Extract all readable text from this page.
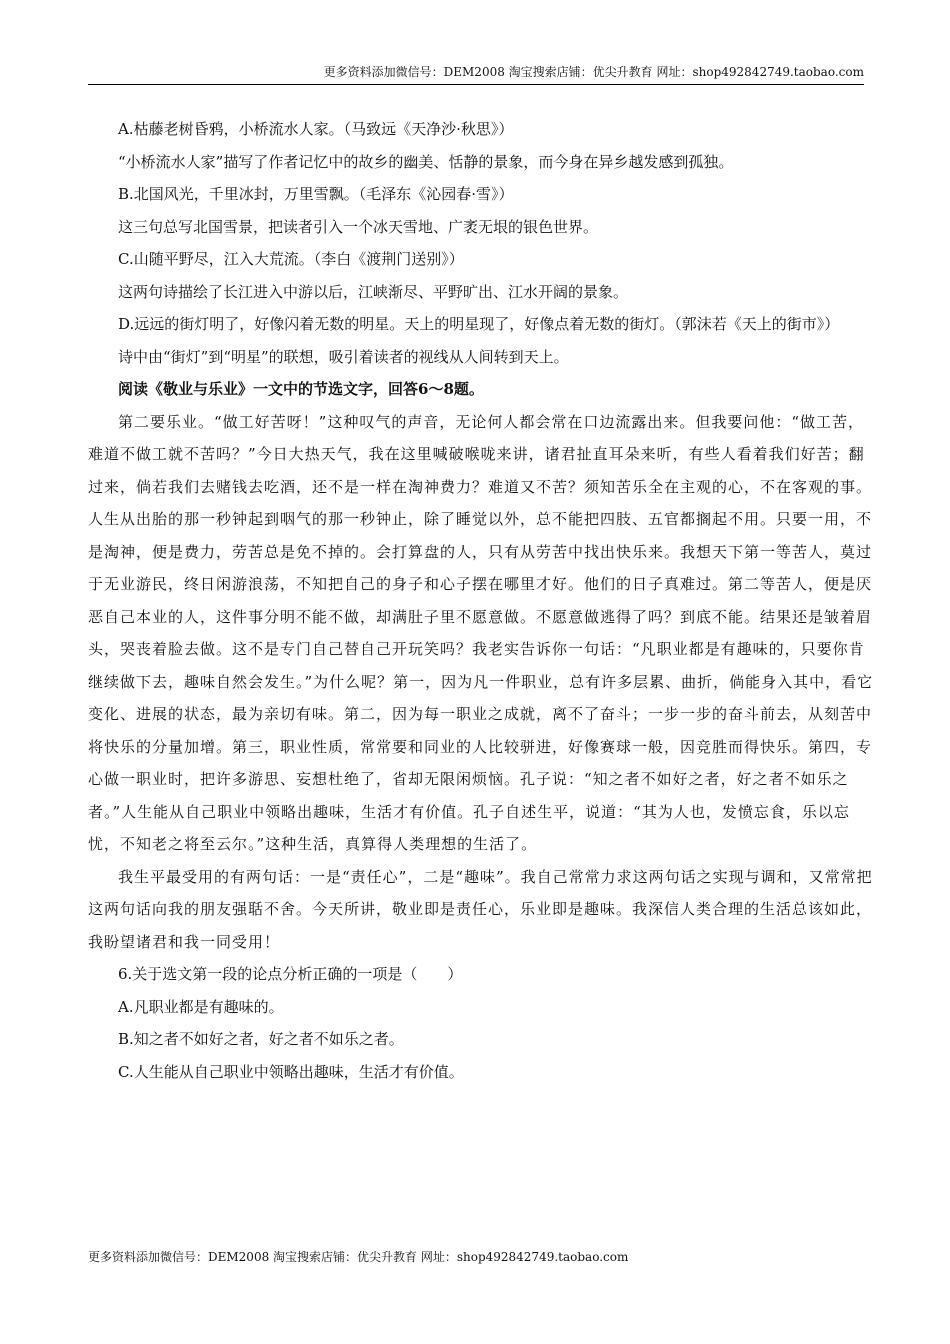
更多资料添加微信号：DEM2008 淘宝搜索店铺：优尖升教育 网址：shop492842749.taobao.com

A.枯藤老树昏鸦，小桥流水人家。（马致远《天净沙·秋思》）

“小桥流水人家”描写了作者记忆中的故乡的幽美、恬静的景象，而今身在异乡越发感到孤独。

B.北国风光，千里冰封，万里雪飘。（毛泽东《沁园春·雪》）

这三句总写北国雪景，把读者引入一个冰天雪地、广袤无垠的银色世界。

C.山随平野尽，江入大荒流。（李白《渡荆门送别》）

这两句诗描绘了长江进入中游以后，江峡渐尽、平野旷出、江水开阔的景象。

D.远远的街灯明了，好像闪着无数的明星。天上的明星现了，好像点着无数的街灯。（郭沫若《天上的街市》）

诗中由“街灯”到“明星”的联想，吸引着读者的视线从人间转到天上。

阅读《敬业与乐业》一文中的节选文字，回答6～8题。

第二要乐业。“做工好苦呀！”这种叹气的声音，无论何人都会常在口边流露出来。但我要问他：“做工苦，难道不做工就不苦吗？”今日大热天气，我在这里喊破喉咙来讲，诸君扯直耳朵来听，有些人看着我们好苦；翻过来，倘若我们去赌钱去吃酒，还不是一样在淘神费力？难道又不苦？须知苦乐全在主观的心，不在客观的事。人生从出胎的那一秒钟起到咽气的那一秒钟止，除了睡觉以外，总不能把四肢、五官都搁起不用。只要一用，不是淘神，便是费力，劳苦总是免不掉的。会打算盘的人，只有从劳苦中找出快乐来。我想天下第一等苦人，莫过于无业游民，终日闲游浪荡，不知把自己的身子和心子摆在哪里才好。他们的日子真难过。第二等苦人，便是厌恶自己本业的人，这件事分明不能不做，却满肚子里不愿意做。不愿意做逃得了吗？到底不能。结果还是皱着眉头，哭丧着脸去做。这不是专门自己替自己开玩笑吗？我老实告诉你一句话：“凡职业都是有趣味的，只要你肯继续做下去，趣味自然会发生。”为什么呢？第一，因为凡一件职业，总有许多层累、曲折，倘能身入其中，看它变化、进展的状态，最为亲切有味。第二，因为每一职业之成就，离不了奋斗；一步一步的奋斗前去，从刻苦中将快乐的分量加增。第三，职业性质，常常要和同业的人比较骈进，好像赛球一般，因竞胜而得快乐。第四，专心做一职业时，把许多游思、妄想杜绝了，省却无限闲烦恼。孔子说：“知之者不如好之者，好之者不如乐之者。”人生能从自己职业中领略出趣味，生活才有价值。孔子自述生平，说道：“其为人也，发愤忘食，乐以忘忧，不知老之将至云尔。”这种生活，真算得人类理想的生活了。

我生平最受用的有两句话：一是“责任心”，二是“趣味”。我自己常常力求这两句话之实现与调和，又常常把这两句话向我的朋友强聒不舍。今天所讲，敬业即是责任心，乐业即是趣味。我深信人类合理的生活总该如此，我盼望诸君和我一同受用！

6.关于选文第一段的论点分析正确的一项是（　　）

A.凡职业都是有趣味的。

B.知之者不如好之者，好之者不如乐之者。

C.人生能从自己职业中领略出趣味，生活才有价值。

更多资料添加微信号：DEM2008 淘宝搜索店铺：优尖升教育 网址：shop492842749.taobao.com
